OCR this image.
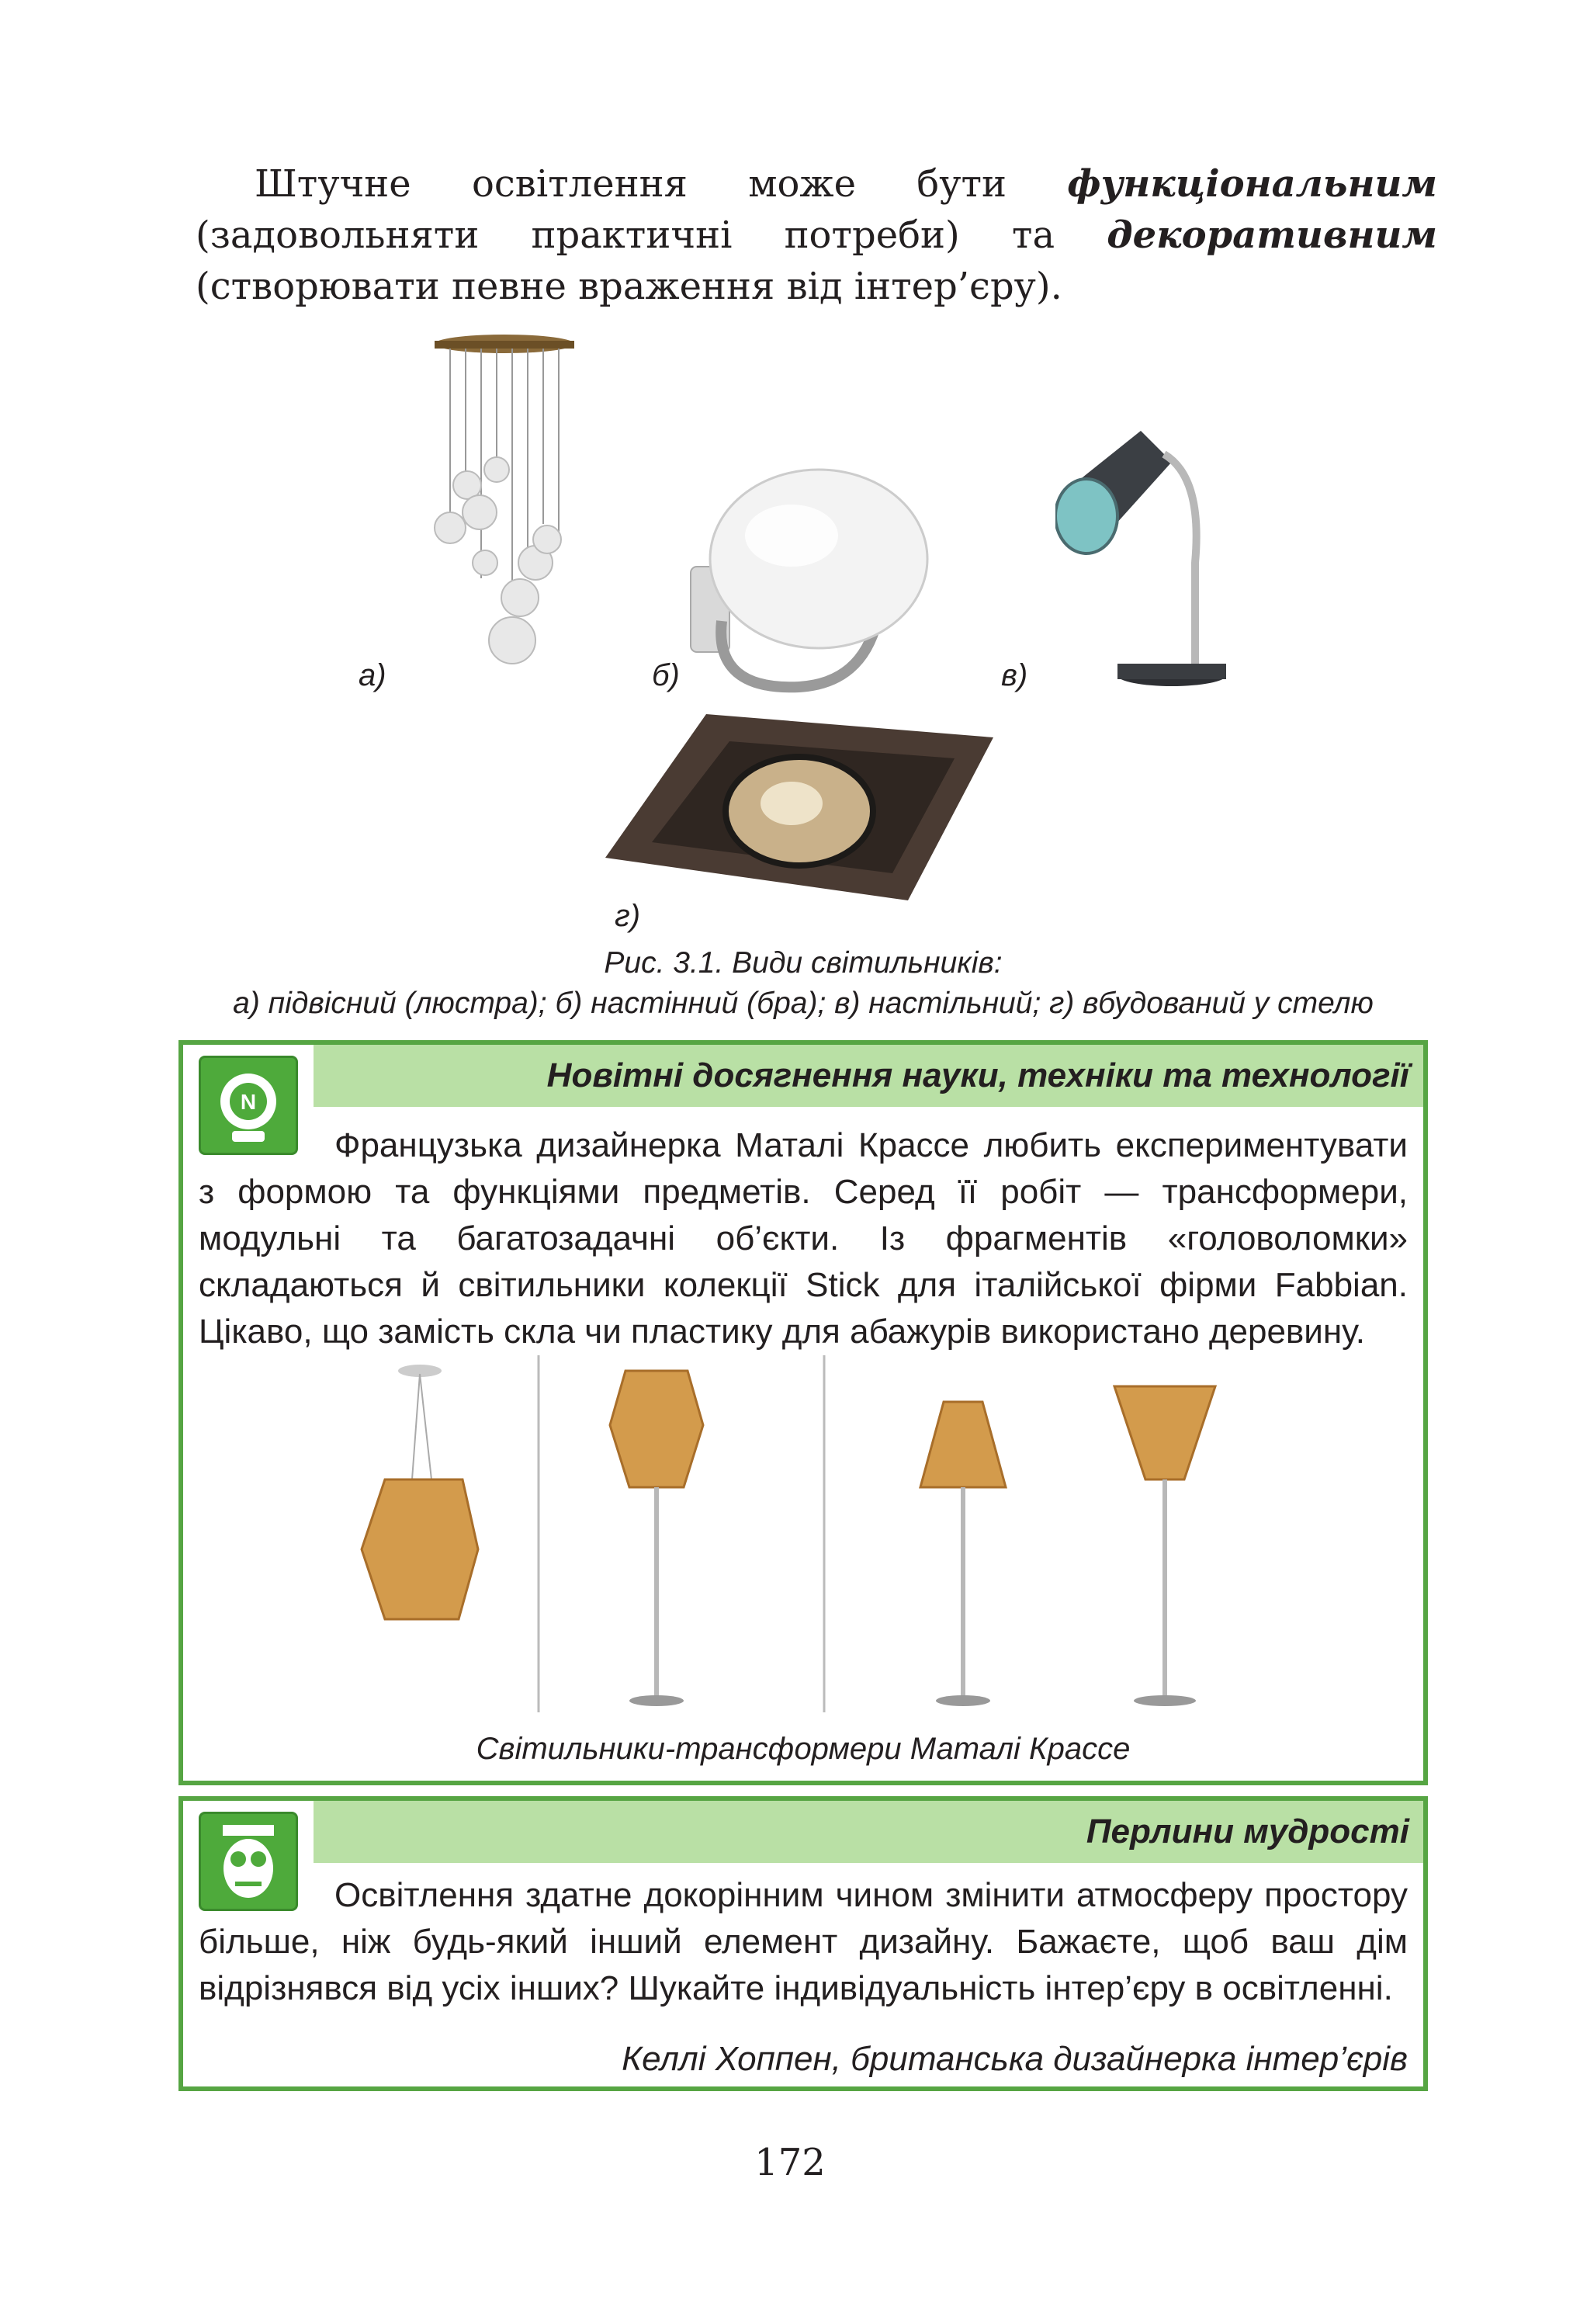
Штучне освітлення може бути функціональним (задовольняти практичні потреби) та декоративним (створювати певне враження від інтер’єру).

а)	б)	в)
г)
Рис. 3.1. Види світильників:
а) підвісний (люстра); б) настінний (бра); в) настільний; г) вбудований у стелю
N
Новітні досягнення науки, техніки та технології
Французька дизайнерка Маталі Крассе любить експериментувати з формою та функціями предметів. Серед її робіт — трансформери, модульні та багатозадачні об’єкти. Із фрагментів «головоломки» складаються й світильники колекції Stick для італійської фірми Fabbian. Цікаво, що замість скла чи пластику для абажурів використано деревину.
Світильники-трансформери Маталі Крассе
Перлини мудрості
Освітлення здатне докорінним чином змінити атмосферу простору більше, ніж будь-який інший елемент дизайну. Бажаєте, щоб ваш дім відрізнявся від усіх інших? Шукайте індивідуальність інтер’єру в освітленні.
Келлі Хоппен, британська дизайнерка інтер’єрів
172
